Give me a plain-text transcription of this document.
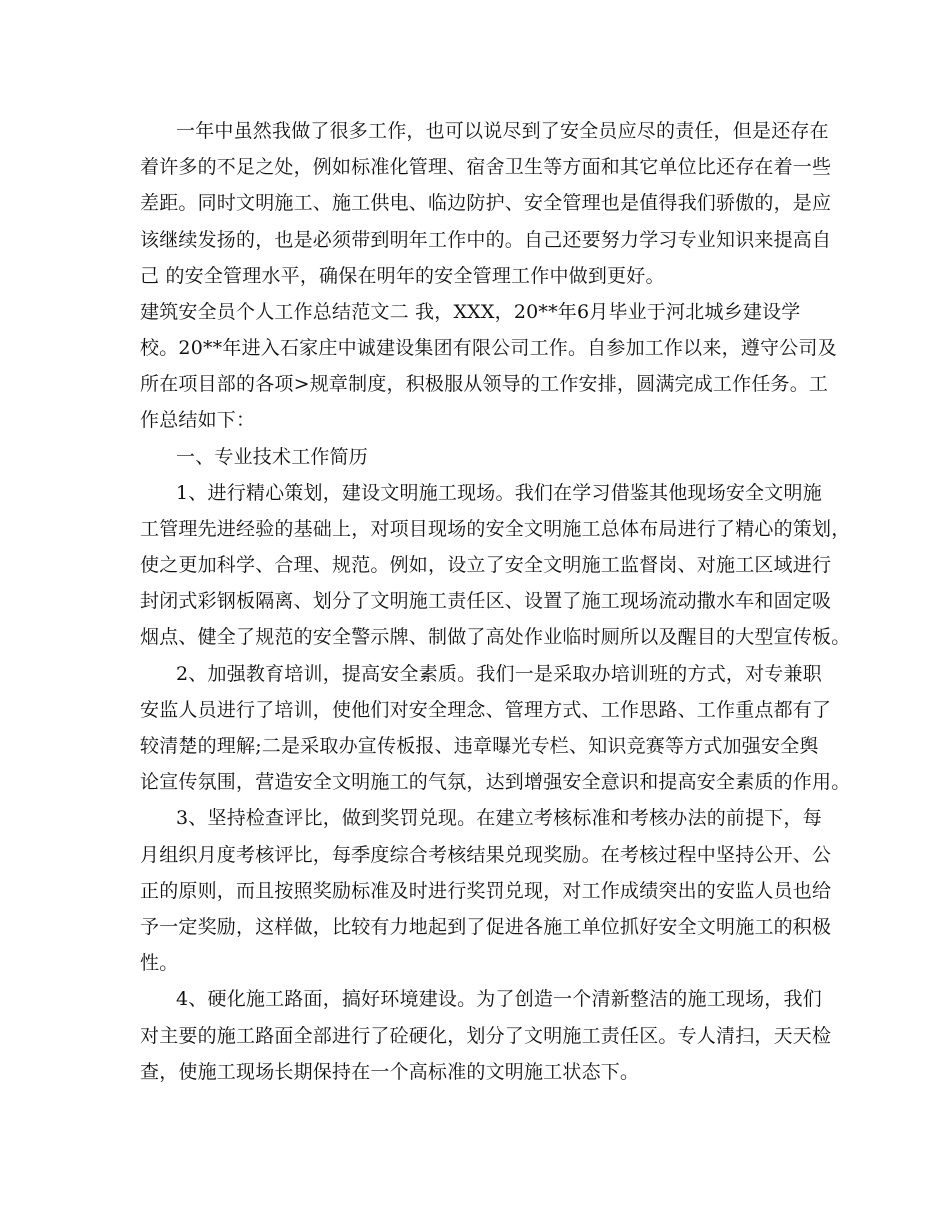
一年中虽然我做了很多工作，也可以说尽到了安全员应尽的责任，但是还存在
着许多的不足之处，例如标准化管理、宿舍卫生等方面和其它单位比还存在着一些
差距。同时文明施工、施工供电、临边防护、安全管理也是值得我们骄傲的，是应
该继续发扬的，也是必须带到明年工作中的。自己还要努力学习专业知识来提高自
己 的安全管理水平，确保在明年的安全管理工作中做到更好。
建筑安全员个人工作总结范文二 我，XXX，20**年6月毕业于河北城乡建设学
校。20**年进入石家庄中诚建设集团有限公司工作。自参加工作以来，遵守公司及
所在项目部的各项>规章制度，积极服从领导的工作安排，圆满完成工作任务。工
作总结如下：
一、专业技术工作简历
1、进行精心策划，建设文明施工现场。我们在学习借鉴其他现场安全文明施
工管理先进经验的基础上，对项目现场的安全文明施工总体布局进行了精心的策划，
使之更加科学、合理、规范。例如，设立了安全文明施工监督岗、对施工区域进行
封闭式彩钢板隔离、划分了文明施工责任区、设置了施工现场流动撒水车和固定吸
烟点、健全了规范的安全警示牌、制做了高处作业临时厕所以及醒目的大型宣传板。
2、加强教育培训，提高安全素质。我们一是采取办培训班的方式，对专兼职
安监人员进行了培训，使他们对安全理念、管理方式、工作思路、工作重点都有了
较清楚的理解;二是采取办宣传板报、违章曝光专栏、知识竞赛等方式加强安全舆
论宣传氛围，营造安全文明施工的气氛，达到增强安全意识和提高安全素质的作用。
3、坚持检查评比，做到奖罚兑现。在建立考核标准和考核办法的前提下，每
月组织月度考核评比，每季度综合考核结果兑现奖励。在考核过程中坚持公开、公
正的原则，而且按照奖励标准及时进行奖罚兑现，对工作成绩突出的安监人员也给
予一定奖励，这样做，比较有力地起到了促进各施工单位抓好安全文明施工的积极
性。
4、硬化施工路面，搞好环境建设。为了创造一个清新整洁的施工现场，我们
对主要的施工路面全部进行了砼硬化，划分了文明施工责任区。专人清扫，天天检
查，使施工现场长期保持在一个高标准的文明施工状态下。
